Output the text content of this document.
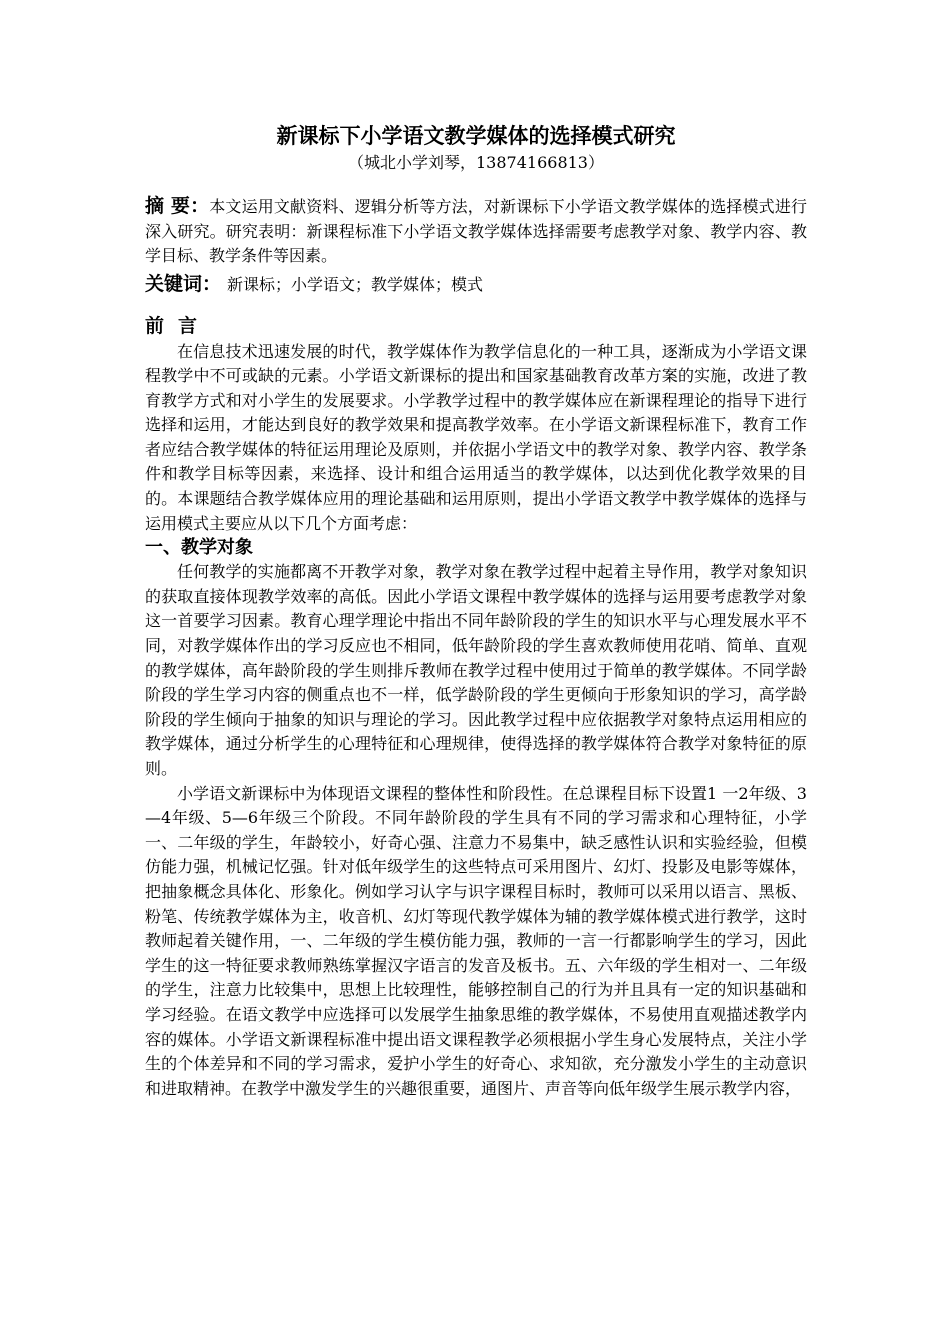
新课标下小学语文教学媒体的选择模式研究

（城北小学刘琴，13874166813）

摘 要：本文运用文献资料、逻辑分析等方法，对新课标下小学语文教学媒体的选择模式进行深入研究。研究表明：新课程标准下小学语文教学媒体选择需要考虑教学对象、教学内容、教学目标、教学条件等因素。

关键词： 新课标；小学语文；教学媒体；模式

前言

在信息技术迅速发展的时代，教学媒体作为教学信息化的一种工具，逐渐成为小学语文课程教学中不可或缺的元素。小学语文新课标的提出和国家基础教育改革方案的实施，改进了教育教学方式和对小学生的发展要求。小学教学过程中的教学媒体应在新课程理论的指导下进行选择和运用，才能达到良好的教学效果和提高教学效率。在小学语文新课程标准下，教育工作者应结合教学媒体的特征运用理论及原则，并依据小学语文中的教学对象、教学内容、教学条件和教学目标等因素，来选择、设计和组合运用适当的教学媒体，以达到优化教学效果的目的。本课题结合教学媒体应用的理论基础和运用原则，提出小学语文教学中教学媒体的选择与运用模式主要应从以下几个方面考虑：

一、教学对象

任何教学的实施都离不开教学对象，教学对象在教学过程中起着主导作用，教学对象知识的获取直接体现教学效率的高低。因此小学语文课程中教学媒体的选择与运用要考虑教学对象这一首要学习因素。教育心理学理论中指出不同年龄阶段的学生的知识水平与心理发展水平不同，对教学媒体作出的学习反应也不相同，低年龄阶段的学生喜欢教师使用花哨、简单、直观的教学媒体，高年龄阶段的学生则排斥教师在教学过程中使用过于简单的教学媒体。不同学龄阶段的学生学习内容的侧重点也不一样，低学龄阶段的学生更倾向于形象知识的学习，高学龄阶段的学生倾向于抽象的知识与理论的学习。因此教学过程中应依据教学对象特点运用相应的教学媒体，通过分析学生的心理特征和心理规律，使得选择的教学媒体符合教学对象特征的原则。

小学语文新课标中为体现语文课程的整体性和阶段性。在总课程目标下设置1 一2年级、3 —4年级、5—6年级三个阶段。不同年龄阶段的学生具有不同的学习需求和心理特征，小学一、二年级的学生，年龄较小，好奇心强、注意力不易集中，缺乏感性认识和实验经验，但模仿能力强，机械记忆强。针对低年级学生的这些特点可采用图片、幻灯、投影及电影等媒体，把抽象概念具体化、形象化。例如学习认字与识字课程目标时，教师可以采用以语言、黑板、粉笔、传统教学媒体为主，收音机、幻灯等现代教学媒体为辅的教学媒体模式进行教学，这时教师起着关键作用，一、二年级的学生模仿能力强，教师的一言一行都影响学生的学习，因此学生的这一特征要求教师熟练掌握汉字语言的发音及板书。五、六年级的学生相对一、二年级的学生，注意力比较集中，思想上比较理性，能够控制自己的行为并且具有一定的知识基础和学习经验。在语文教学中应选择可以发展学生抽象思维的教学媒体，不易使用直观描述教学内容的媒体。小学语文新课程标准中提出语文课程教学必须根据小学生身心发展特点，关注小学生的个体差异和不同的学习需求，爱护小学生的好奇心、求知欲，充分激发小学生的主动意识和进取精神。在教学中激发学生的兴趣很重要，通图片、声音等向低年级学生展示教学内容，
